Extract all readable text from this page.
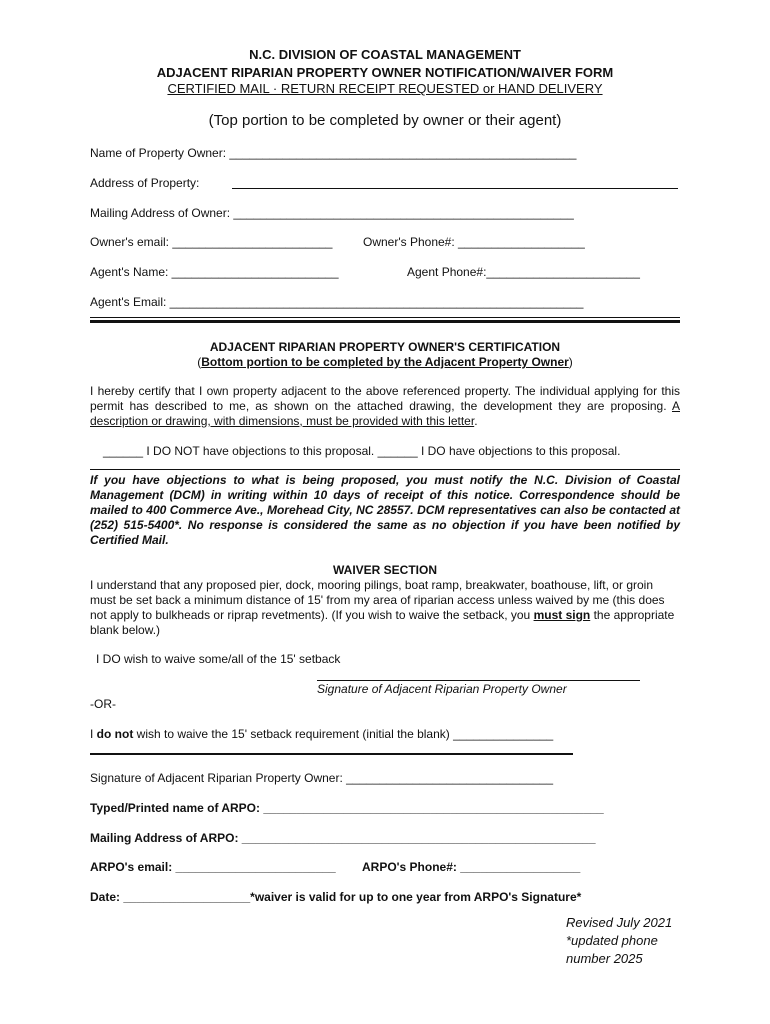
N.C. DIVISION OF COASTAL MANAGEMENT
ADJACENT RIPARIAN PROPERTY OWNER NOTIFICATION/WAIVER FORM
CERTIFIED MAIL · RETURN RECEIPT REQUESTED or HAND DELIVERY
(Top portion to be completed by owner or their agent)
Name of Property Owner: ____________________________________________________
Address of Property:
Mailing Address of Owner: ___________________________________________________
Owner's email: ________________________	Owner's Phone#: ___________________
Agent's Name: _________________________	Agent Phone#:_______________________
Agent's Email: ______________________________________________________________
ADJACENT RIPARIAN PROPERTY OWNER'S CERTIFICATION
(Bottom portion to be completed by the Adjacent Property Owner)
I hereby certify that I own property adjacent to the above referenced property. The individual applying for this permit has described to me, as shown on the attached drawing, the development they are proposing. A description or drawing, with dimensions, must be provided with this letter.
______ I DO NOT have objections to this proposal. ______ I DO have objections to this proposal.
If you have objections to what is being proposed, you must notify the N.C. Division of Coastal Management (DCM) in writing within 10 days of receipt of this notice. Correspondence should be mailed to 400 Commerce Ave., Morehead City, NC 28557. DCM representatives can also be contacted at (252) 515-5400*. No response is considered the same as no objection if you have been notified by Certified Mail.
WAIVER SECTION
I understand that any proposed pier, dock, mooring pilings, boat ramp, breakwater, boathouse, lift, or groin must be set back a minimum distance of 15' from my area of riparian access unless waived by me (this does not apply to bulkheads or riprap revetments). (If you wish to waive the setback, you must sign the appropriate blank below.)
I DO wish to waive some/all of the 15' setback
Signature of Adjacent Riparian Property Owner
-OR-
I do not wish to waive the 15' setback requirement (initial the blank) _______________
Signature of Adjacent Riparian Property Owner: _______________________________
Typed/Printed name of ARPO: ___________________________________________________
Mailing Address of ARPO: _____________________________________________________
ARPO's email: ________________________ ARPO's Phone#: __________________
Date: ___________________*waiver is valid for up to one year from ARPO's Signature*
Revised July 2021
*updated phone
number 2025
